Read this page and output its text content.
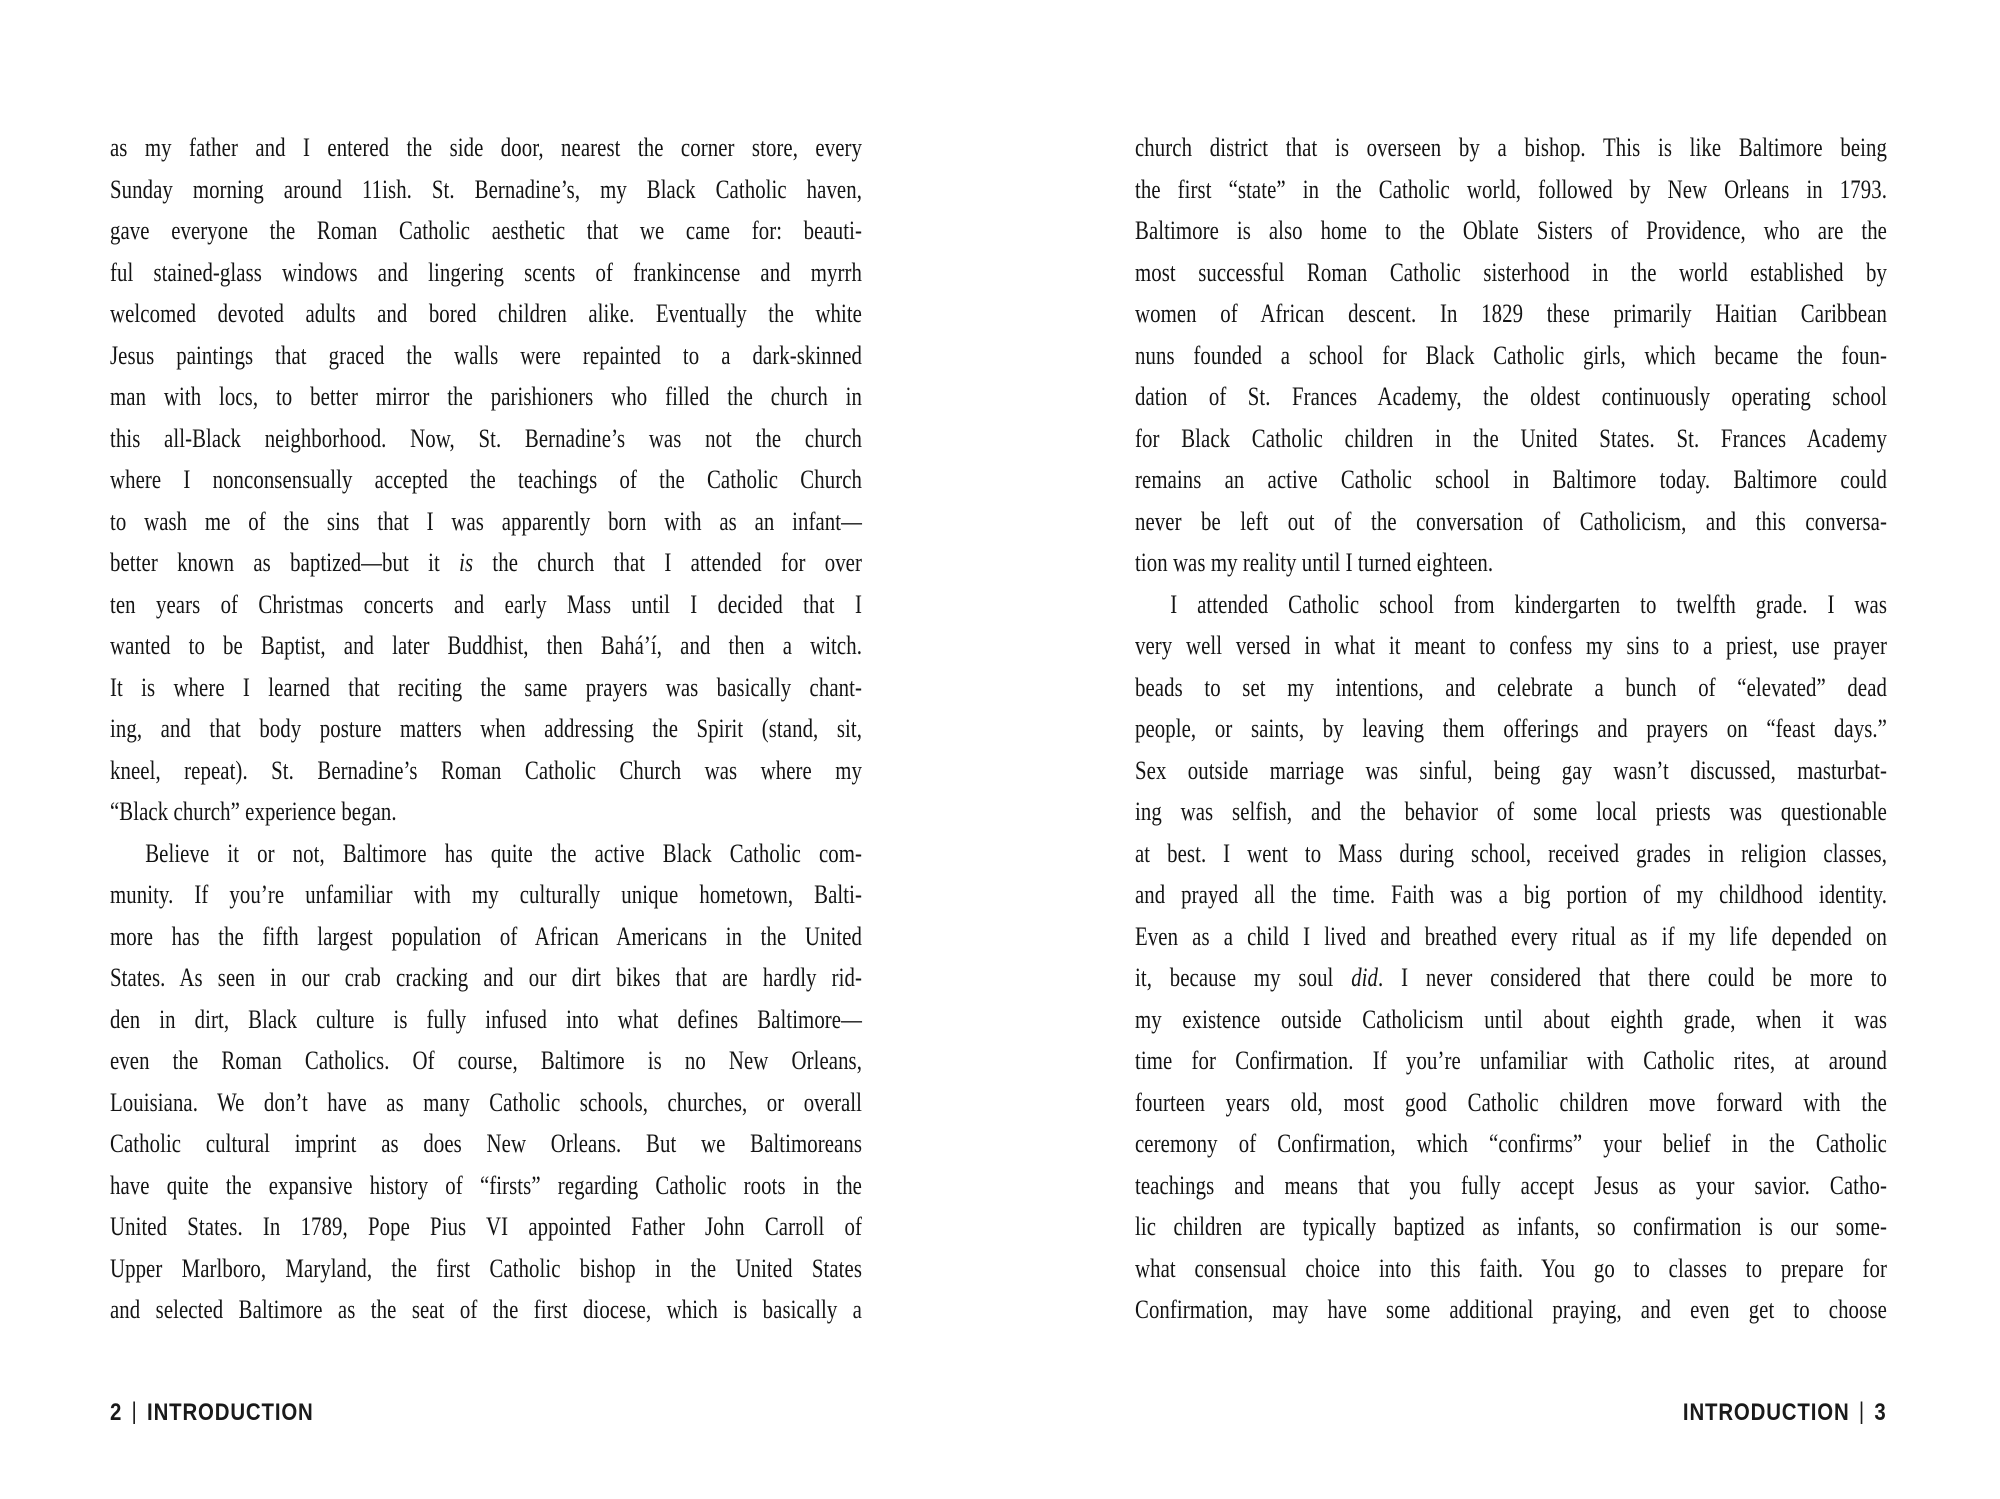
as my father and I entered the side door, nearest the corner store, every
Sunday morning around 11ish. St. Bernadine’s, my Black Catholic haven,
gave everyone the Roman Catholic aesthetic that we came for: beauti-
ful stained-glass windows and lingering scents of frankincense and myrrh
welcomed devoted adults and bored children alike. Eventually the white
Jesus paintings that graced the walls were repainted to a dark-skinned
man with locs, to better mirror the parishioners who filled the church in
this all-Black neighborhood. Now, St. Bernadine’s was not the church
where I nonconsensually accepted the teachings of the Catholic Church
to wash me of the sins that I was apparently born with as an infant—
better known as baptized—but it is the church that I attended for over
ten years of Christmas concerts and early Mass until I decided that I
wanted to be Baptist, and later Buddhist, then Bahá’í, and then a witch.
It is where I learned that reciting the same prayers was basically chant-
ing, and that body posture matters when addressing the Spirit (stand, sit,
kneel, repeat). St. Bernadine’s Roman Catholic Church was where my
“Black church” experience began.
Believe it or not, Baltimore has quite the active Black Catholic com-
munity. If you’re unfamiliar with my culturally unique hometown, Balti-
more has the fifth largest population of African Americans in the United
States. As seen in our crab cracking and our dirt bikes that are hardly rid-
den in dirt, Black culture is fully infused into what defines Baltimore—
even the Roman Catholics. Of course, Baltimore is no New Orleans,
Louisiana. We don’t have as many Catholic schools, churches, or overall
Catholic cultural imprint as does New Orleans. But we Baltimoreans
have quite the expansive history of “firsts” regarding Catholic roots in the
United States. In 1789, Pope Pius VI appointed Father John Carroll of
Upper Marlboro, Maryland, the first Catholic bishop in the United States
and selected Baltimore as the seat of the first diocese, which is basically a
church district that is overseen by a bishop. This is like Baltimore being
the first “state” in the Catholic world, followed by New Orleans in 1793.
Baltimore is also home to the Oblate Sisters of Providence, who are the
most successful Roman Catholic sisterhood in the world established by
women of African descent. In 1829 these primarily Haitian Caribbean
nuns founded a school for Black Catholic girls, which became the foun-
dation of St. Frances Academy, the oldest continuously operating school
for Black Catholic children in the United States. St. Frances Academy
remains an active Catholic school in Baltimore today. Baltimore could
never be left out of the conversation of Catholicism, and this conversa-
tion was my reality until I turned eighteen.
I attended Catholic school from kindergarten to twelfth grade. I was
very well versed in what it meant to confess my sins to a priest, use prayer
beads to set my intentions, and celebrate a bunch of “elevated” dead
people, or saints, by leaving them offerings and prayers on “feast days.”
Sex outside marriage was sinful, being gay wasn’t discussed, masturbat-
ing was selfish, and the behavior of some local priests was questionable
at best. I went to Mass during school, received grades in religion classes,
and prayed all the time. Faith was a big portion of my childhood identity.
Even as a child I lived and breathed every ritual as if my life depended on
it, because my soul did. I never considered that there could be more to
my existence outside Catholicism until about eighth grade, when it was
time for Confirmation. If you’re unfamiliar with Catholic rites, at around
fourteen years old, most good Catholic children move forward with the
ceremony of Confirmation, which “confirms” your belief in the Catholic
teachings and means that you fully accept Jesus as your savior. Catho-
lic children are typically baptized as infants, so confirmation is our some-
what consensual choice into this faith. You go to classes to prepare for
Confirmation, may have some additional praying, and even get to choose
2 | INTRODUCTION	INTRODUCTION | 3
